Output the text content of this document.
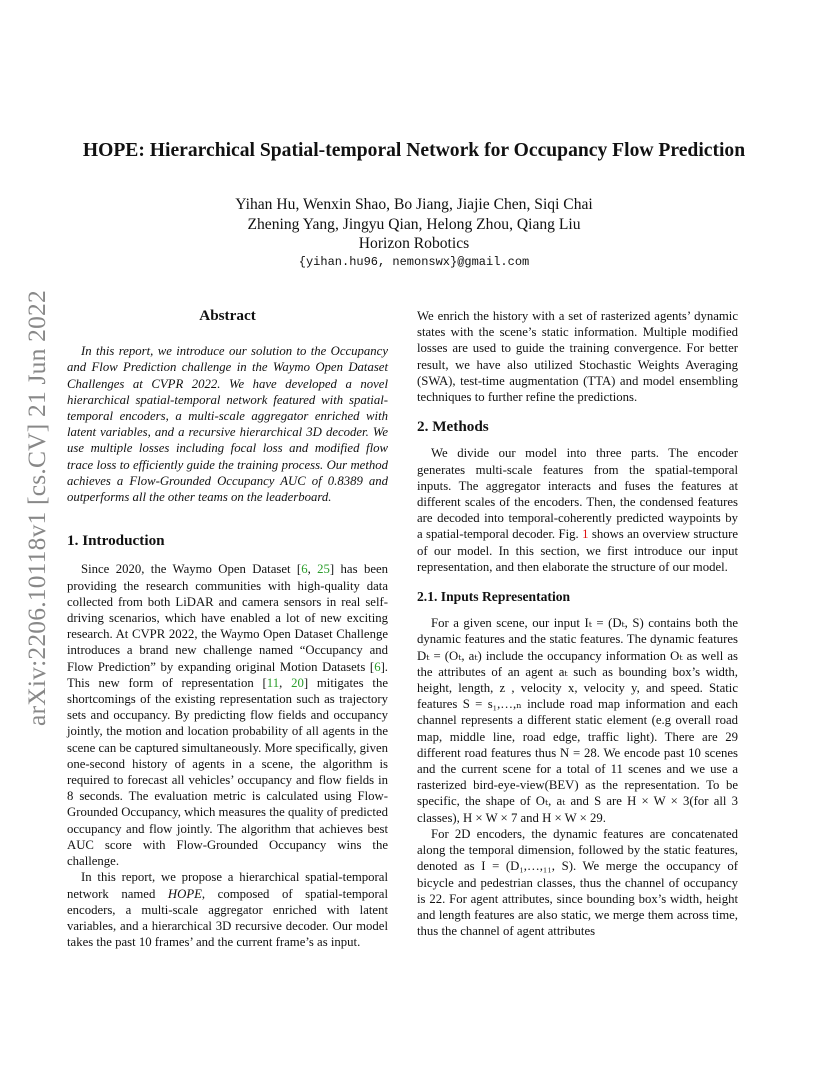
arXiv:2206.10118v1 [cs.CV] 21 Jun 2022
HOPE: Hierarchical Spatial-temporal Network for Occupancy Flow Prediction
Yihan Hu, Wenxin Shao, Bo Jiang, Jiajie Chen, Siqi Chai
Zhening Yang, Jingyu Qian, Helong Zhou, Qiang Liu
Horizon Robotics
{yihan.hu96, nemonswx}@gmail.com
Abstract

In this report, we introduce our solution to the Occupancy and Flow Prediction challenge in the Waymo Open Dataset Challenges at CVPR 2022. We have developed a novel hierarchical spatial-temporal network featured with spatial-temporal encoders, a multi-scale aggregator enriched with latent variables, and a recursive hierarchical 3D decoder. We use multiple losses including focal loss and modified flow trace loss to efficiently guide the training process. Our method achieves a Flow-Grounded Occupancy AUC of 0.8389 and outperforms all the other teams on the leaderboard.

1. Introduction

Since 2020, the Waymo Open Dataset [6, 25] has been providing the research communities with high-quality data collected from both LiDAR and camera sensors in real self-driving scenarios, which have enabled a lot of new exciting research. At CVPR 2022, the Waymo Open Dataset Challenge introduces a brand new challenge named “Occupancy and Flow Prediction” by expanding original Motion Datasets [6]. This new form of representation [11, 20] mitigates the shortcomings of the existing representation such as trajectory sets and occupancy. By predicting flow fields and occupancy jointly, the motion and location probability of all agents in the scene can be captured simultaneously. More specifically, given one-second history of agents in a scene, the algorithm is required to forecast all vehicles’ occupancy and flow fields in 8 seconds. The evaluation metric is calculated using Flow-Grounded Occupancy, which measures the quality of predicted occupancy and flow jointly. The algorithm that achieves best AUC score with Flow-Grounded Occupancy wins the challenge.

In this report, we propose a hierarchical spatial-temporal network named HOPE, composed of spatial-temporal encoders, a multi-scale aggregator enriched with latent variables, and a hierarchical 3D recursive decoder. Our model takes the past 10 frames’ and the current frame’s as input.

We enrich the history with a set of rasterized agents’ dynamic states with the scene’s static information. Multiple modified losses are used to guide the training convergence. For better result, we have also utilized Stochastic Weights Averaging (SWA), test-time augmentation (TTA) and model ensembling techniques to further refine the predictions.

2. Methods

We divide our model into three parts. The encoder generates multi-scale features from the spatial-temporal inputs. The aggregator interacts and fuses the features at different scales of the encoders. Then, the condensed features are decoded into temporal-coherently predicted waypoints by a spatial-temporal decoder. Fig. 1 shows an overview structure of our model. In this section, we first introduce our input representation, and then elaborate the structure of our model.

2.1. Inputs Representation

For a given scene, our input Iₜ = (Dₜ, S) contains both the dynamic features and the static features. The dynamic features Dₜ = (Oₜ, aₜ) include the occupancy information Oₜ as well as the attributes of an agent aₜ such as bounding box’s width, height, length, z , velocity x, velocity y, and speed. Static features S = s₁,…,ₙ include road map information and each channel represents a different static element (e.g overall road map, middle line, road edge, traffic light). There are 29 different road features thus N = 28. We encode past 10 scenes and the current scene for a total of 11 scenes and we use a rasterized bird-eye-view(BEV) as the representation. To be specific, the shape of Oₜ, aₜ and S are H × W × 3(for all 3 classes), H × W × 7 and H × W × 29.

For 2D encoders, the dynamic features are concatenated along the temporal dimension, followed by the static features, denoted as I = (D₁,…,₁₁, S). We merge the occupancy of bicycle and pedestrian classes, thus the channel of occupancy is 22. For agent attributes, since bounding box’s width, height and length features are also static, we merge them across time, thus the channel of agent attributes
